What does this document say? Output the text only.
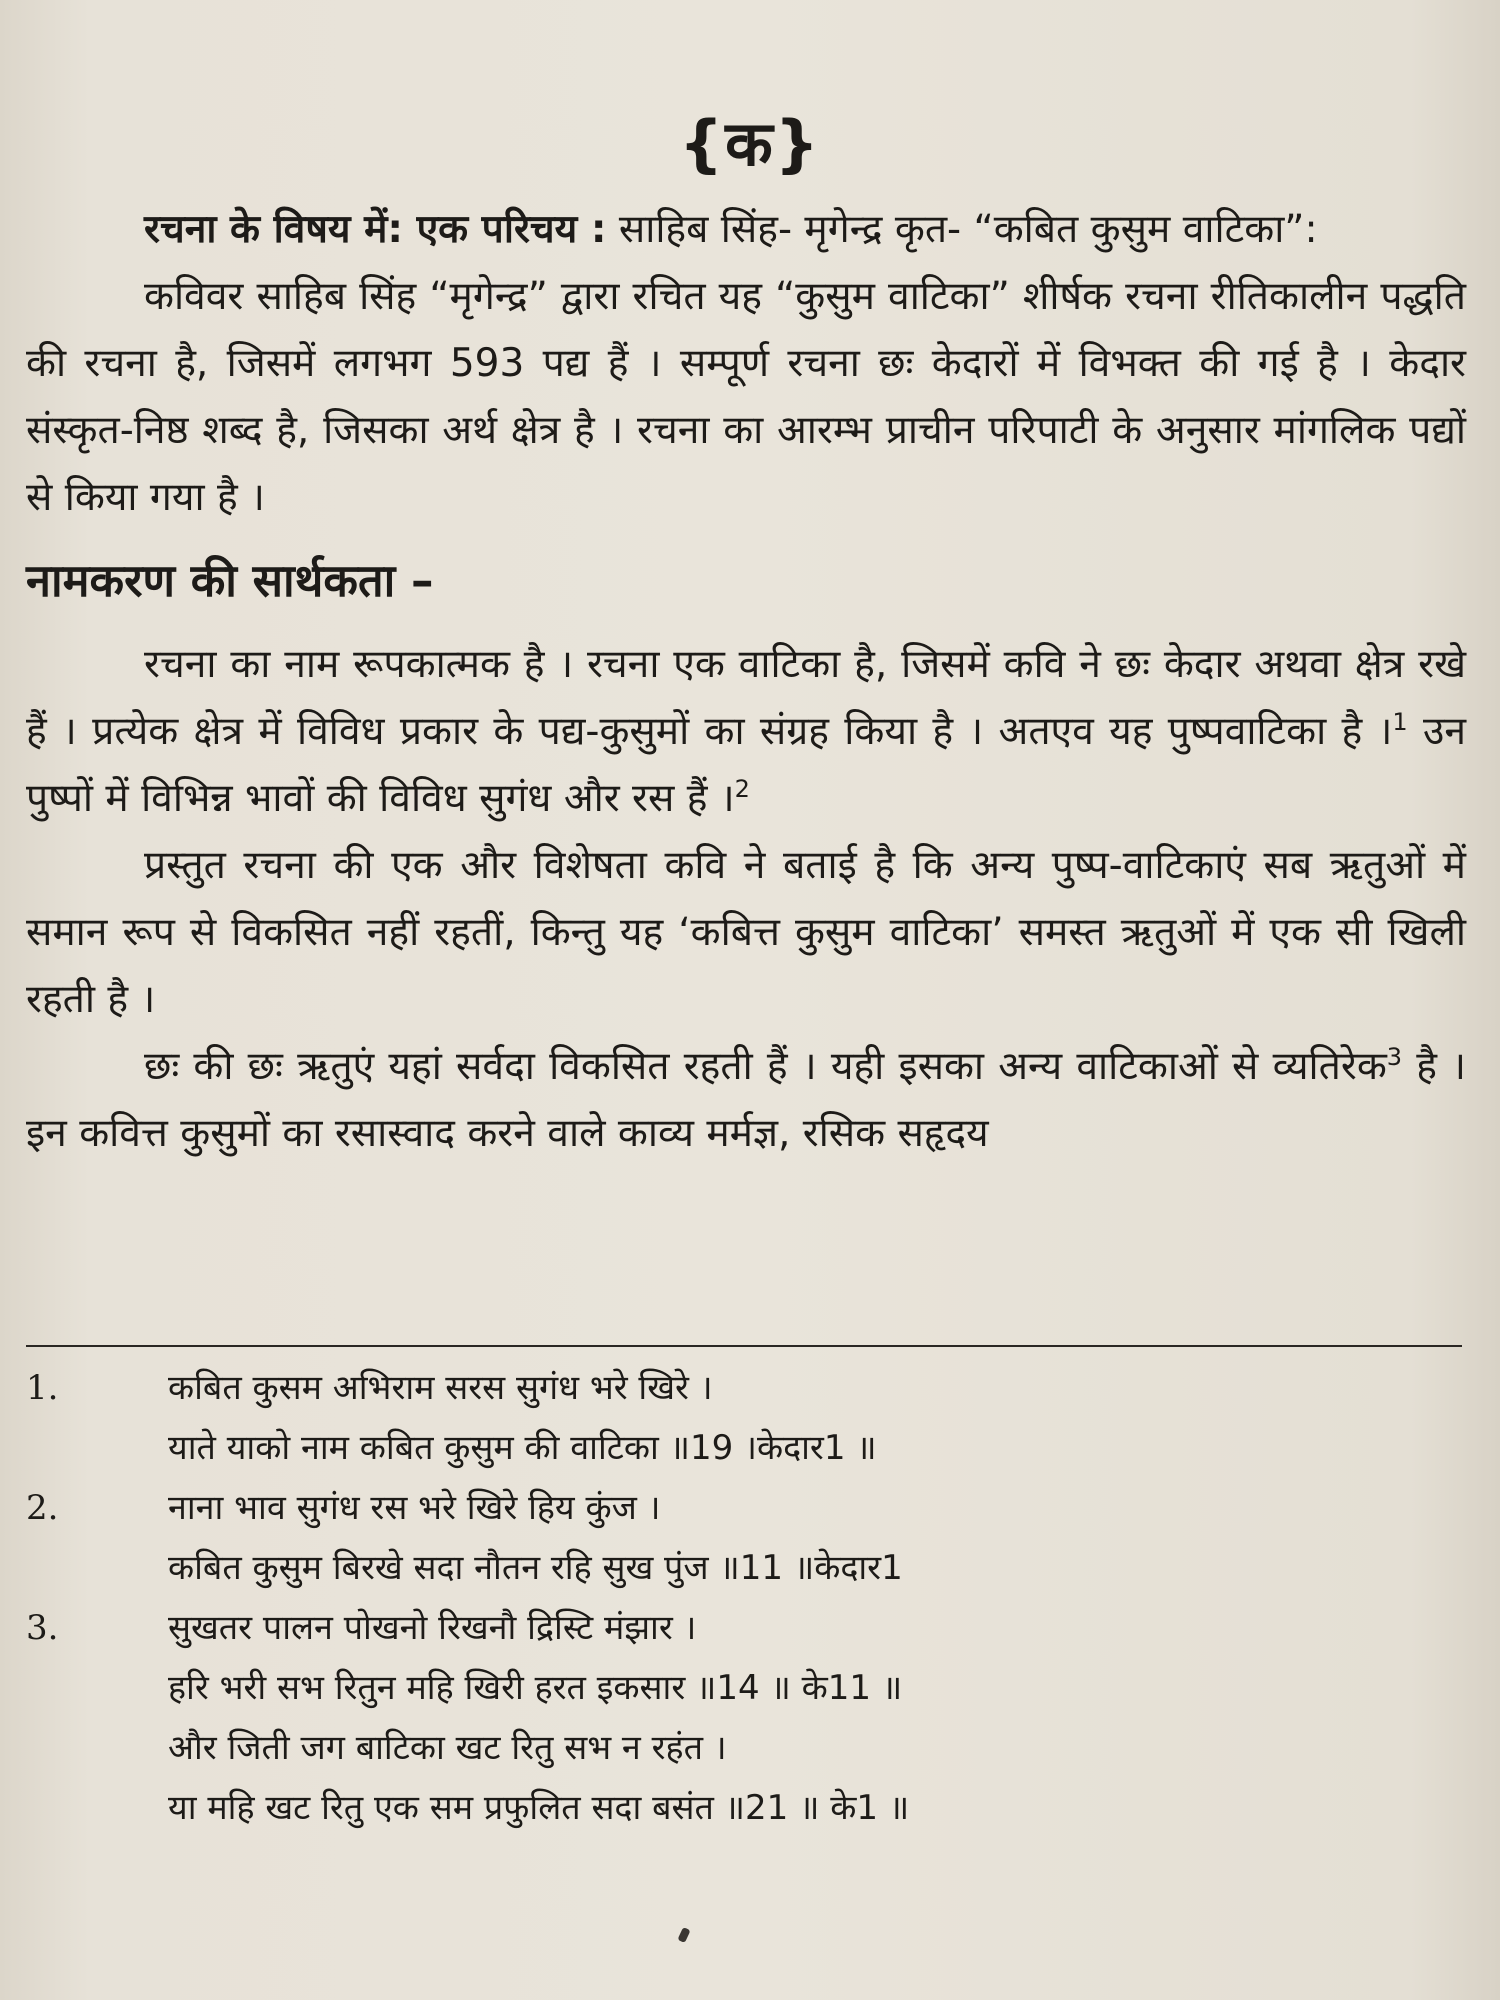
{क}

रचना के विषय में: एक परिचय : साहिब सिंह- मृगेन्द्र कृत- “कबित कुसुम वाटिका”:

कविवर साहिब सिंह “मृगेन्द्र” द्वारा रचित यह “कुसुम वाटिका” शीर्षक रचना रीतिकालीन पद्धति की रचना है, जिसमें लगभग 593 पद्य हैं । सम्पूर्ण रचना छः केदारों में विभक्त की गई है । केदार संस्कृत-निष्ठ शब्द है, जिसका अर्थ क्षेत्र है । रचना का आरम्भ प्राचीन परिपाटी के अनुसार मांगलिक पद्यों से किया गया है ।

नामकरण की सार्थकता –

रचना का नाम रूपकात्मक है । रचना एक वाटिका है, जिसमें कवि ने छः केदार अथवा क्षेत्र रखे हैं । प्रत्येक क्षेत्र में विविध प्रकार के पद्य-कुसुमों का संग्रह किया है । अतएव यह पुष्पवाटिका है ।$^1$ उन पुष्पों में विभिन्न भावों की विविध सुगंध और रस हैं ।$^2$

प्रस्तुत रचना की एक और विशेषता कवि ने बताई है कि अन्य पुष्प-वाटिकाएं सब ऋतुओं में समान रूप से विकसित नहीं रहतीं, किन्तु यह ‘कबित्त कुसुम वाटिका’ समस्त ऋतुओं में एक सी खिली रहती है ।

छः की छः ऋतुएं यहां सर्वदा विकसित रहती हैं । यही इसका अन्य वाटिकाओं से व्यतिरेक$^3$ है । इन कवित्त कुसुमों का रसास्वाद करने वाले काव्य मर्मज्ञ, रसिक सहृदय

1.	कबित कुसम अभिराम सरस सुगंध भरे खिरे ।
याते याको नाम कबित कुसुम की वाटिका ॥19 ।केदार1 ॥
2.	नाना भाव सुगंध रस भरे खिरे हिय कुंज ।
कबित कुसुम बिरखे सदा नौतन रहि सुख पुंज ॥11 ॥केदार1
3.	सुखतर पालन पोखनो रिखनौ द्रिस्टि मंझार ।
हरि भरी सभ रितुन महि खिरी हरत इकसार ॥14 ॥ के11 ॥
और जिती जग बाटिका खट रितु सभ न रहंत ।
या महि खट रितु एक सम प्रफुलित सदा बसंत ॥21 ॥ के1 ॥
